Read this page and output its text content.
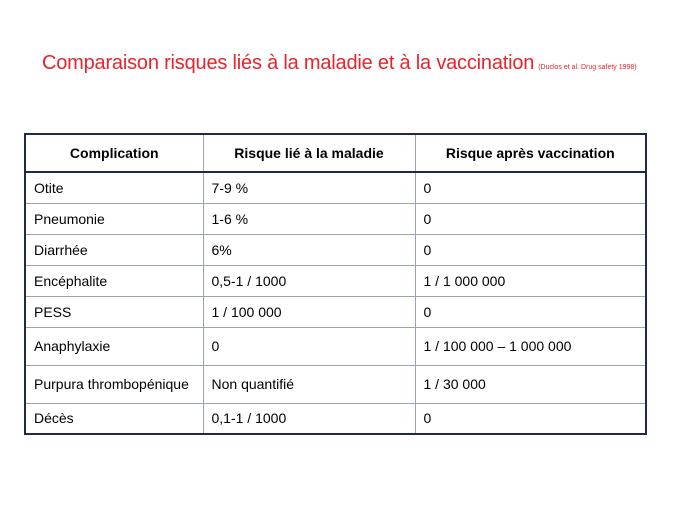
Comparaison risques liés à la maladie et à la vaccination (Duclos et al. Drug safety 1998)
Complication	Risque lié à la maladie	Risque après vaccination
Otite	7-9 %	0
Pneumonie	1-6 %	0
Diarrhée	6%	0
Encéphalite	0,5-1 / 1000	1 / 1 000 000
PESS	1 / 100 000	0
Anaphylaxie	0	1 / 100 000 – 1 000 000
Purpura thrombopénique	Non quantifié	1 / 30 000
Décès	0,1-1 / 1000	0
